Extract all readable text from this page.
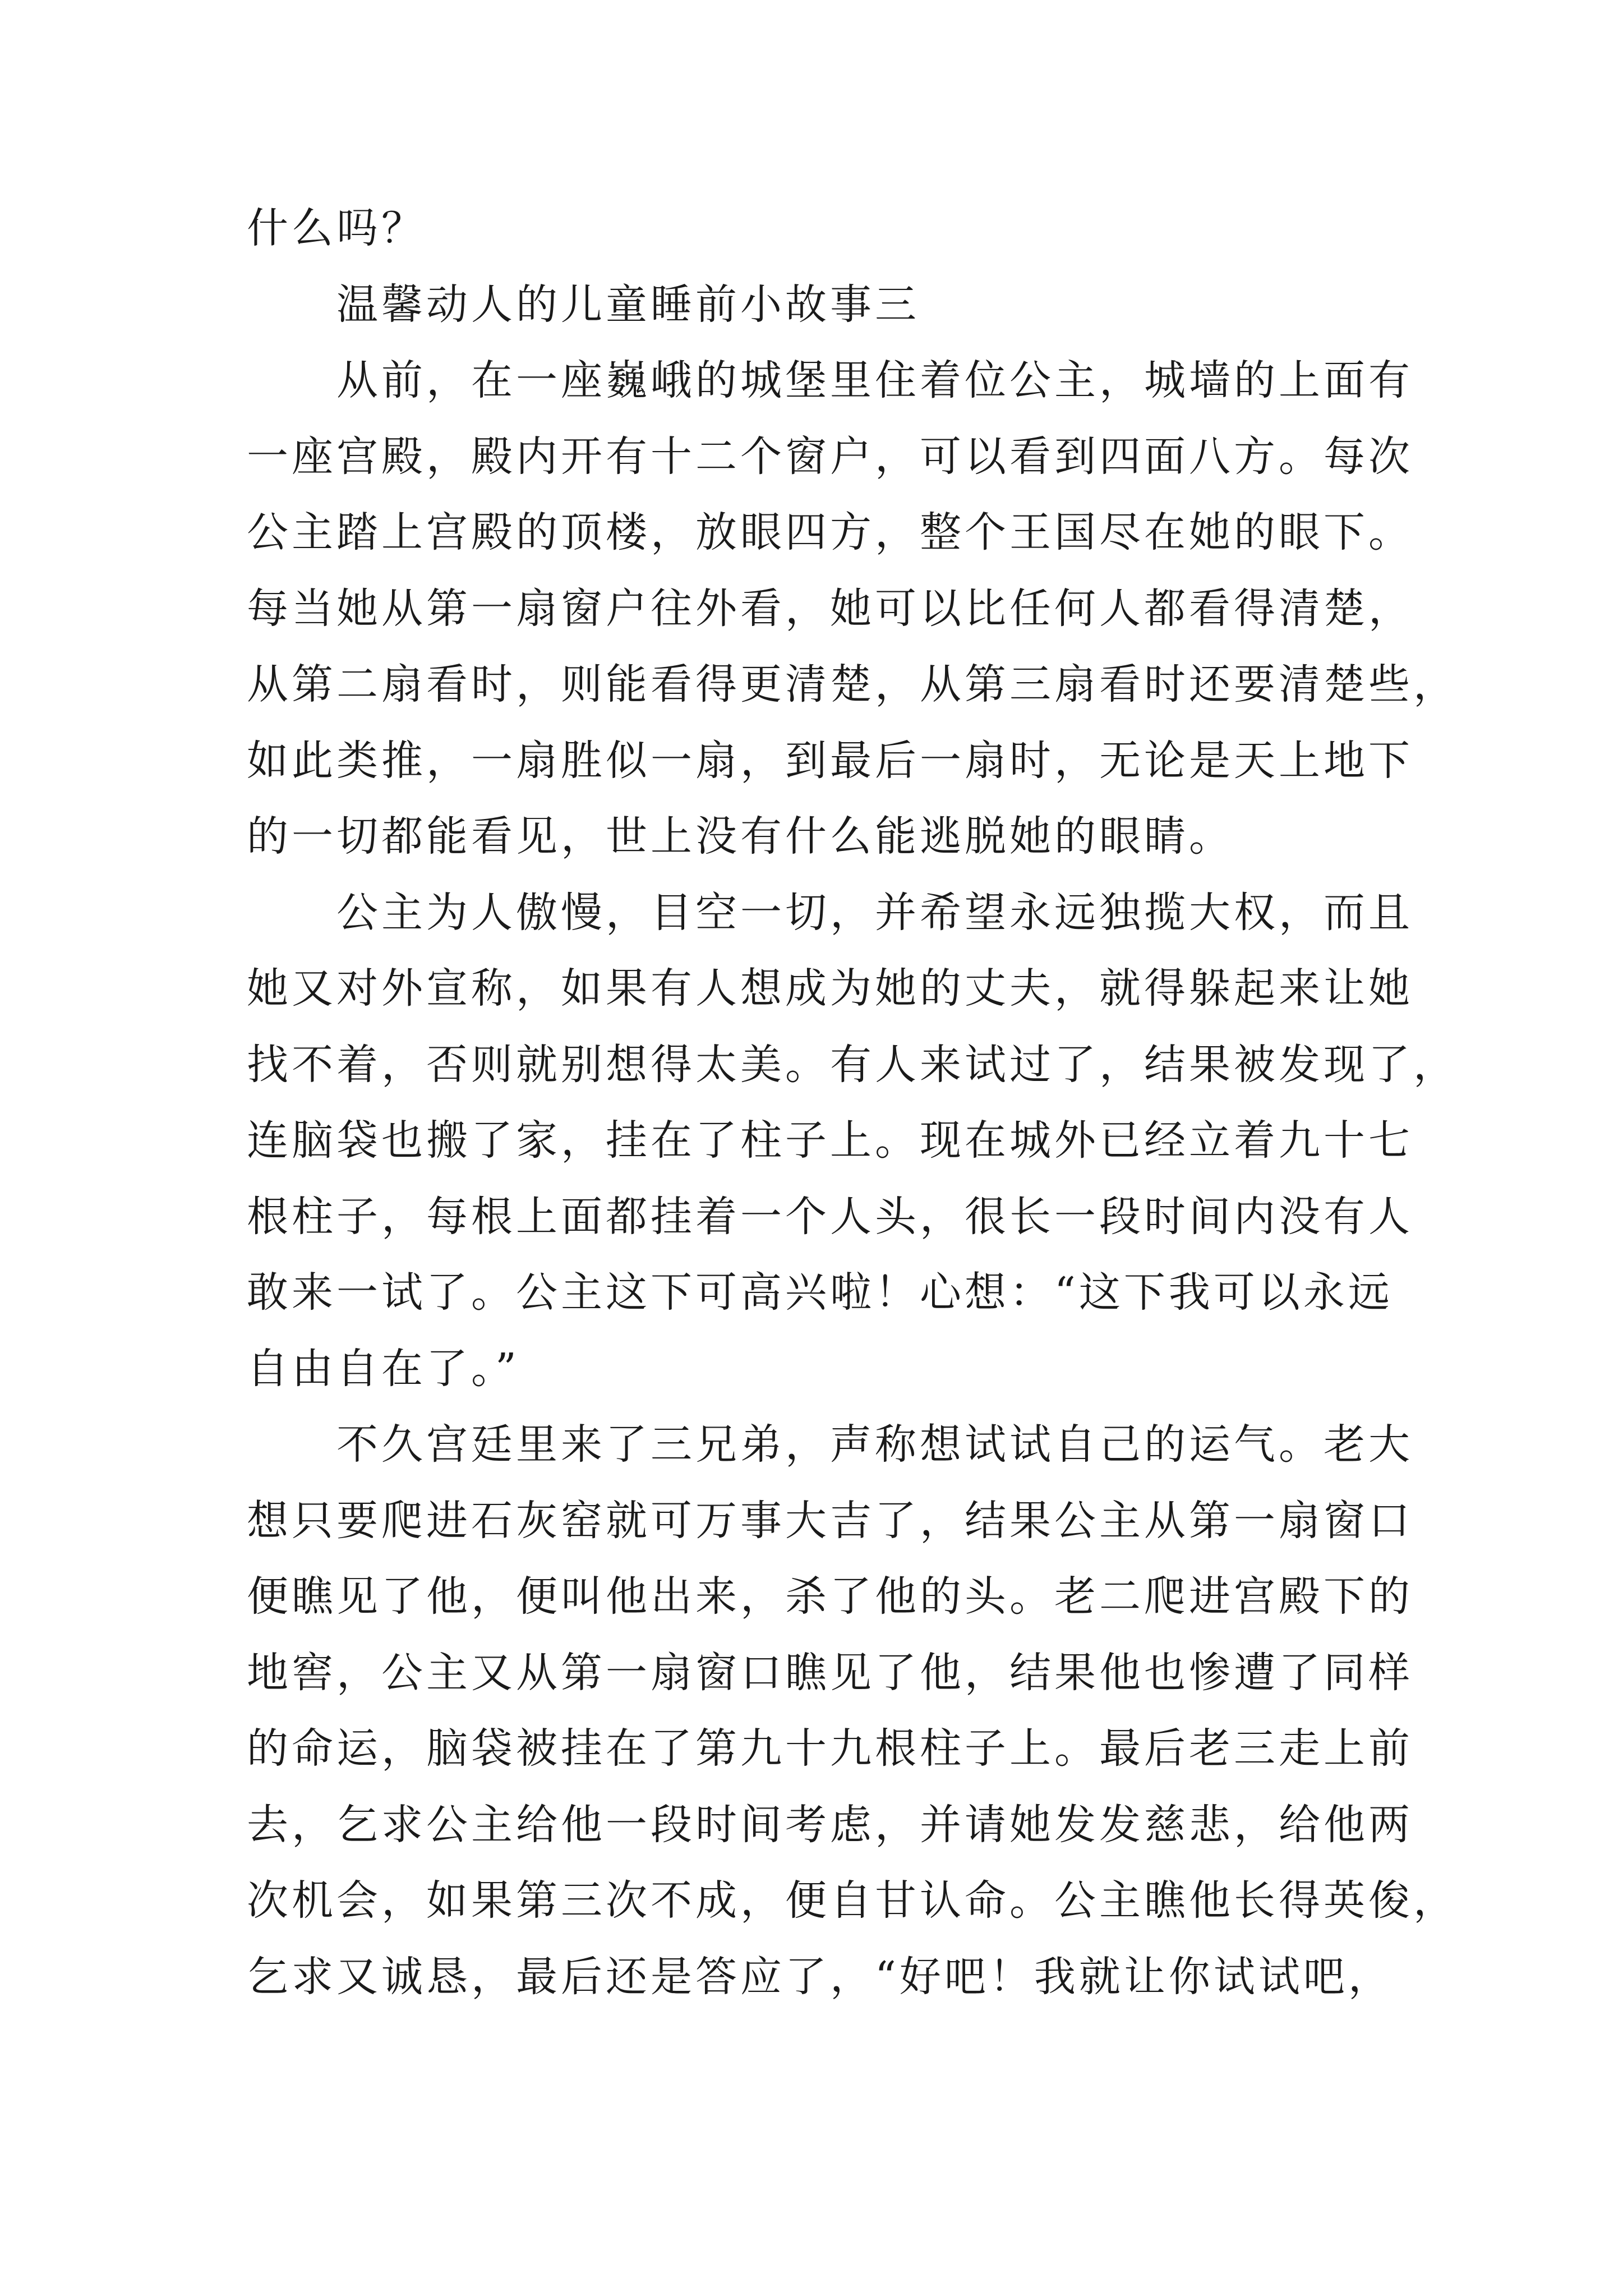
什么吗？
温馨动人的儿童睡前小故事三
从前，在一座巍峨的城堡里住着位公主，城墙的上面有
一座宫殿，殿内开有十二个窗户，可以看到四面八方。每次
公主踏上宫殿的顶楼，放眼四方，整个王国尽在她的眼下。
每当她从第一扇窗户往外看，她可以比任何人都看得清楚，
从第二扇看时，则能看得更清楚，从第三扇看时还要清楚些，
如此类推，一扇胜似一扇，到最后一扇时，无论是天上地下
的一切都能看见，世上没有什么能逃脱她的眼睛。
公主为人傲慢，目空一切，并希望永远独揽大权，而且
她又对外宣称，如果有人想成为她的丈夫，就得躲起来让她
找不着，否则就别想得太美。有人来试过了，结果被发现了，
连脑袋也搬了家，挂在了柱子上。现在城外已经立着九十七
根柱子，每根上面都挂着一个人头，很长一段时间内没有人
敢来一试了。公主这下可高兴啦！心想：“这下我可以永远
自由自在了。”
不久宫廷里来了三兄弟，声称想试试自己的运气。老大
想只要爬进石灰窑就可万事大吉了，结果公主从第一扇窗口
便瞧见了他，便叫他出来，杀了他的头。老二爬进宫殿下的
地窖，公主又从第一扇窗口瞧见了他，结果他也惨遭了同样
的命运，脑袋被挂在了第九十九根柱子上。最后老三走上前
去，乞求公主给他一段时间考虑，并请她发发慈悲，给他两
次机会，如果第三次不成，便自甘认命。公主瞧他长得英俊，
乞求又诚恳，最后还是答应了，“好吧！我就让你试试吧，
